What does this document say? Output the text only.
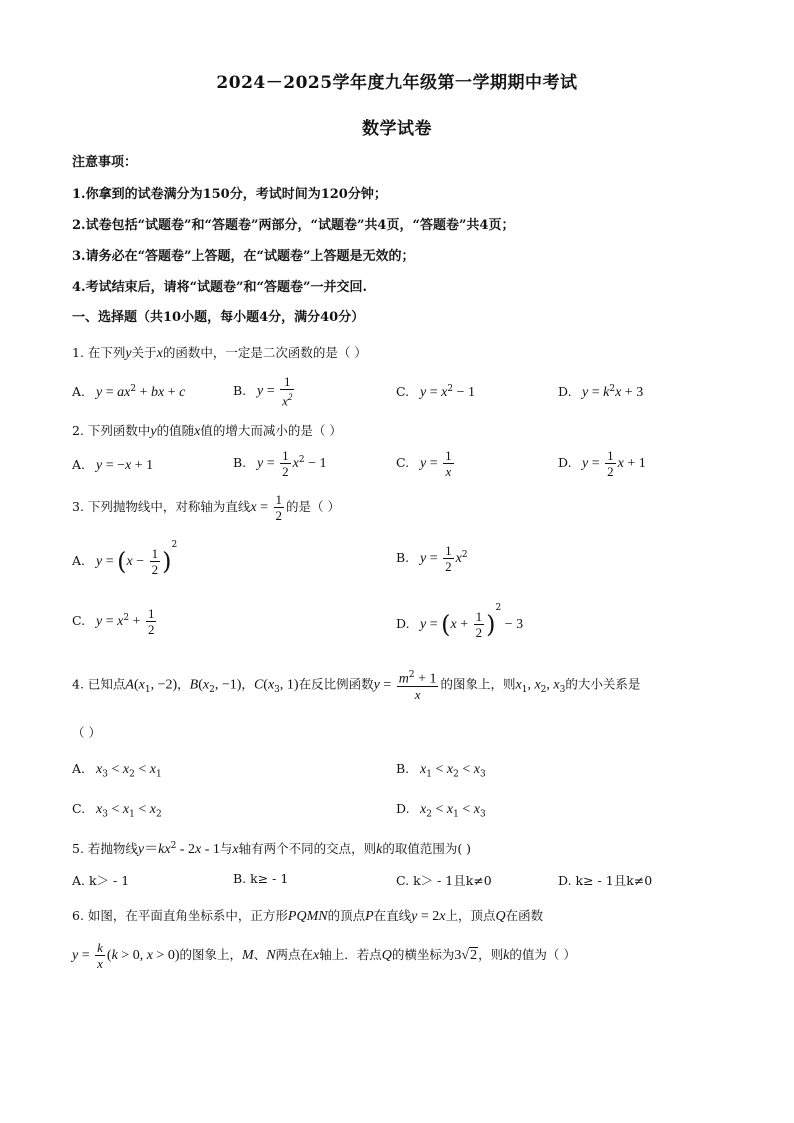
2024－2025学年度九年级第一学期期中考试
数学试卷
注意事项：
1.你拿到的试卷满分为150分，考试时间为120分钟；
2.试卷包括“试题卷”和“答题卷”两部分，“试题卷”共4页，“答题卷”共4页；
3.请务必在“答题卷”上答题，在“试题卷”上答题是无效的；
4.考试结束后，请将“试题卷”和“答题卷”一并交回.
一、选择题（共10小题，每小题4分，满分40分）
1. 在下列y关于x的函数中，一定是二次函数的是（ ）
A. $y = ax^2$ + bx + c	B. $y = \frac{1}{x^2}$	C. $y = x^2 - 1$	D. $y = k^2x + 3$
2. 下列函数中y的值随x值的增大而减小的是（ ）
A. y = −x + 1	B. $y = \frac{1}{2} x^2 - 1$	C. $y = \frac{1}{x}$	D. $y = \frac{1}{2}$ x + 1
3. 下列抛物线中，对称轴为直线$x = \frac{1}{2}$ 的是（ ）
A. $y = (x - \frac{1}{2} )^2$
B. $y = \frac{1}{2} x^2$
C. $y = x^2 + \frac{1}{2}$	D. $y = (x + \frac{1}{2} )^2 - 3$
4. 已知点$A(x_1$, −2)，$B(x_2$, −1)，$C(x_3$, 1)在反比例函数$y = \frac{m^2 + 1}{x}$ 的图象上，则$x_1$, $x_2$, $x_3$的大小关系是
（ ）
A. $x_3 < x_2 < x_1$	B. $x_1 < x_2 < x_3$
C. $x_3 < x_1 < x_2$	D. $x_2 < x_1 < x_3$
5. 若抛物线$y=kx^2 - 2x - 1$与x轴有两个不同的交点，则k的取值范围为( )
A. k＞ - 1	B. k≥ - 1	C. k＞ - 1且k≠0	D. k≥ - 1且k≠0
6. 如图，在平面直角坐标系中，正方形PQMN的顶点P在直线y = 2x上，顶点Q在函数
$y = \frac{k}{x} (k > 0$, x > 0)的图象上，M、N两点在x轴上．若点Q的横坐标为3√2，则k的值为（ ）
